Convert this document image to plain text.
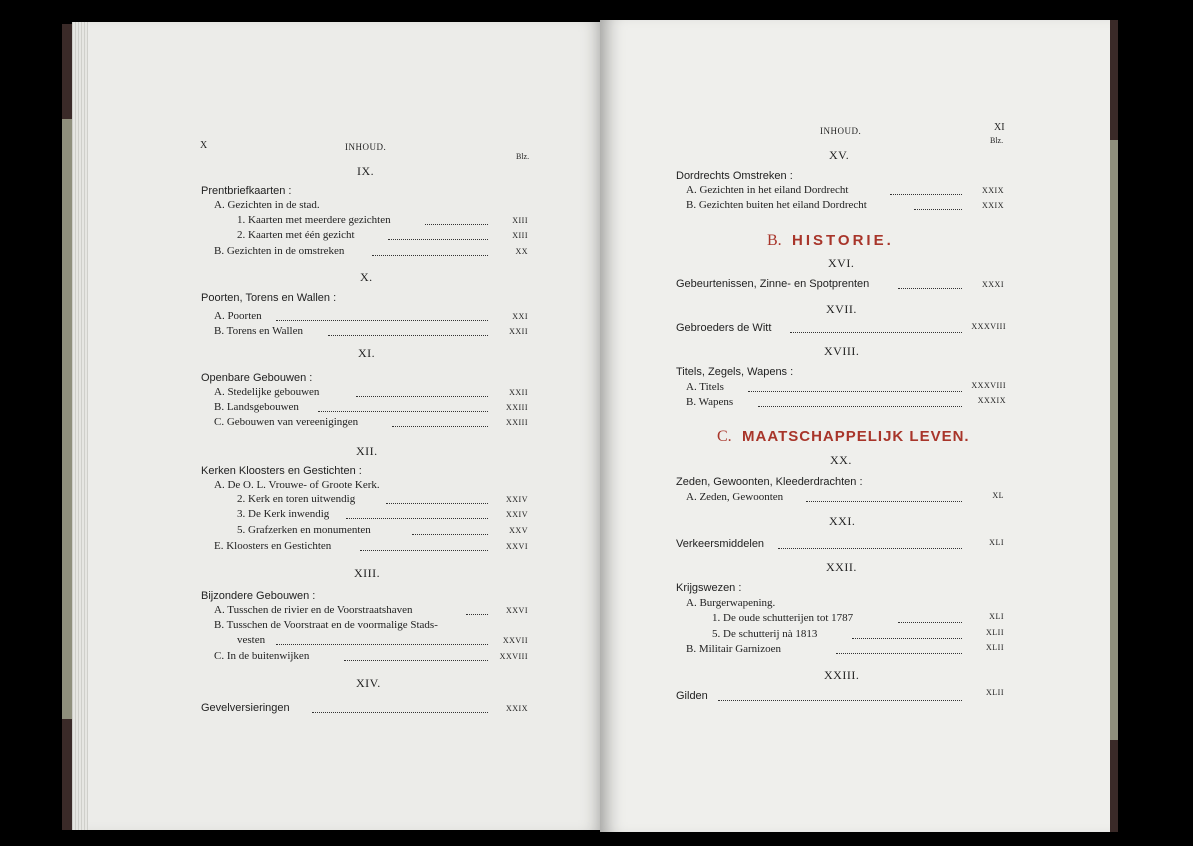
X	INHOUD.
Blz.
IX.
Prentbriefkaarten :
A. Gezichten in de stad.
1. Kaarten met meerdere gezichten	XIII
2. Kaarten met één gezicht	XIII
B. Gezichten in de omstreken	XX
X.
Poorten, Torens en Wallen :
A. Poorten	XXI
B. Torens en Wallen	XXII
XI.
Openbare Gebouwen :
A. Stedelijke gebouwen	XXII
B. Landsgebouwen	XXIII
C. Gebouwen van vereenigingen	XXIII
XII.
Kerken Kloosters en Gestichten :
A. De O. L. Vrouwe- of Groote Kerk.
2. Kerk en toren uitwendig	XXIV
3. De Kerk inwendig	XXIV
5. Grafzerken en monumenten	XXV
E. Kloosters en Gestichten	XXVI
XIII.
Bijzondere Gebouwen :
A. Tusschen de rivier en de Voorstraatshaven	XXVI
B. Tusschen de Voorstraat en de voormalige Stads-
vesten	XXVII
C. In de buitenwijken	XXVIII
XIV.
Gevelversieringen	XXIX
INHOUD.	XI
Blz.
XV.
Dordrechts Omstreken :
A. Gezichten in het eiland Dordrecht	XXIX
B. Gezichten buiten het eiland Dordrecht	XXIX
B. HISTORIE.
XVI.
Gebeurtenissen, Zinne- en Spotprenten	XXXI
XVII.
Gebroeders de Witt	XXXVIII
XVIII.
Titels, Zegels, Wapens :
A. Titels	XXXVIII
B. Wapens	XXXIX
C. MAATSCHAPPELIJK LEVEN.
XX.
Zeden, Gewoonten, Kleederdrachten :
A. Zeden, Gewoonten	XL
XXI.
Verkeersmiddelen	XLI
XXII.
Krijgswezen :
A. Burgerwapening.
1. De oude schutterijen tot 1787	XLI
5. De schutterij nà 1813	XLII
B. Militair Garnizoen	XLII
XXIII.
Gilden	XLII
